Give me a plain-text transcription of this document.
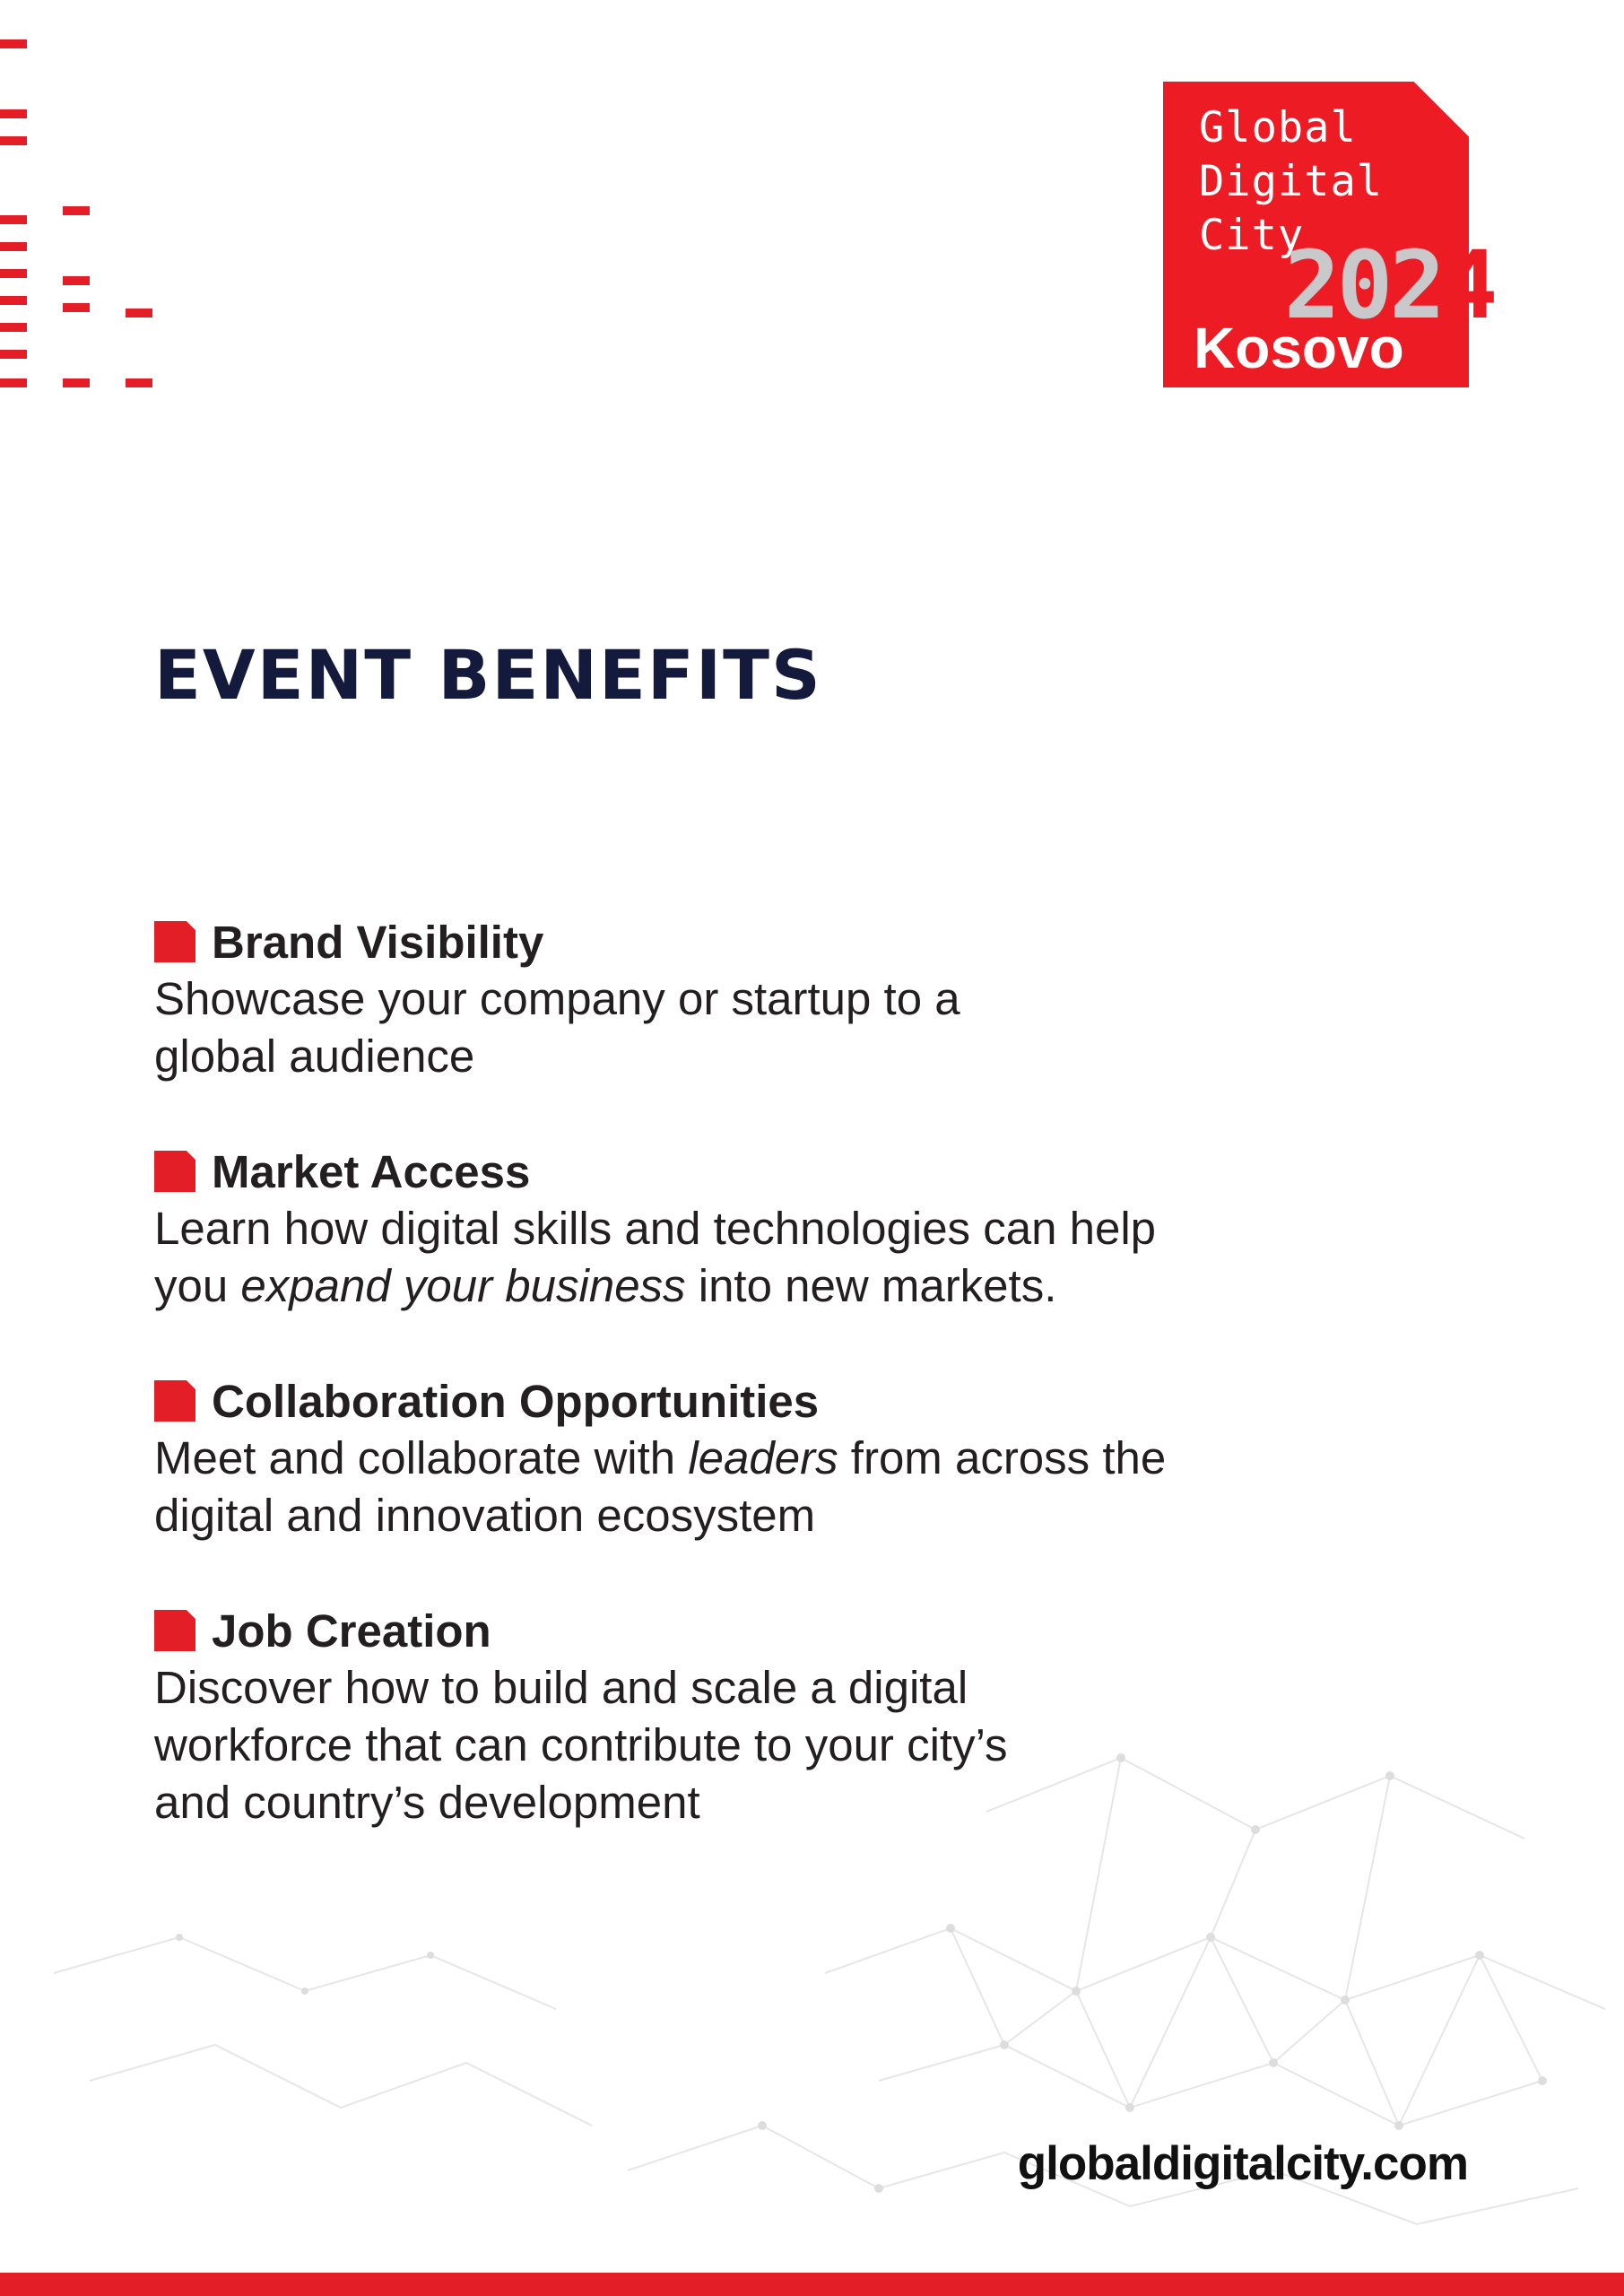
Global
Digital
City
2024
Kosovo
EVENT BENEFITS
Brand Visibility

Showcase your company or startup to a
global audience

Market Access

Learn how digital skills and technologies can help you expand your business into new markets.

Collaboration Opportunities

Meet and collaborate with leaders from across the digital and innovation ecosystem

Job Creation

Discover how to build and scale a digital
workforce that can contribute to your city’s
and country’s development

globaldigitalcity.com
